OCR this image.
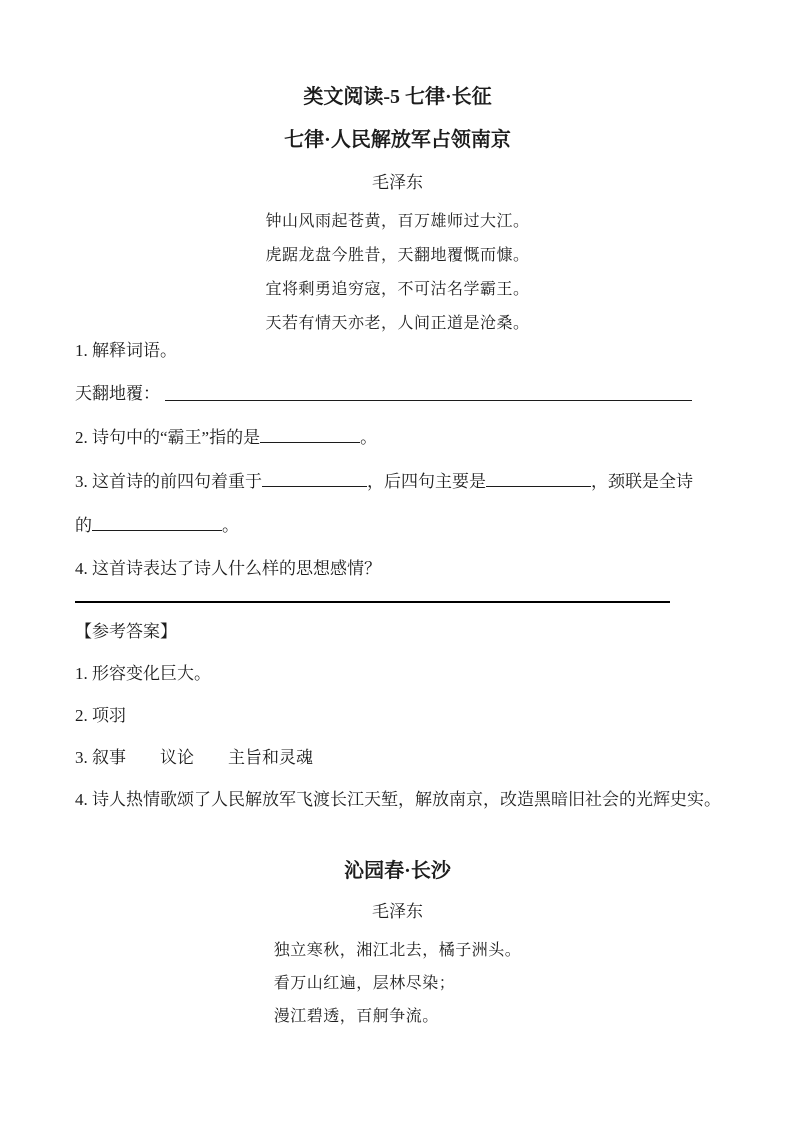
类文阅读-5 七律·长征
七律·人民解放军占领南京
毛泽东
钟山风雨起苍黄，百万雄师过大江。
虎踞龙盘今胜昔，天翻地覆慨而慷。
宜将剩勇追穷寇，不可沽名学霸王。
天若有情天亦老，人间正道是沧桑。
1. 解释词语。
天翻地覆：
2. 诗句中的“霸王”指的是	。
3. 这首诗的前四句着重于	，后四句主要是	，颈联是全诗
的	。
4. 这首诗表达了诗人什么样的思想感情？
【参考答案】
1. 形容变化巨大。
2. 项羽
3. 叙事　　议论　　主旨和灵魂
4. 诗人热情歌颂了人民解放军飞渡长江天堑，解放南京，改造黑暗旧社会的光辉史实。
沁园春·长沙
毛泽东
独立寒秋，湘江北去，橘子洲头。
看万山红遍，层林尽染；
漫江碧透，百舸争流。
